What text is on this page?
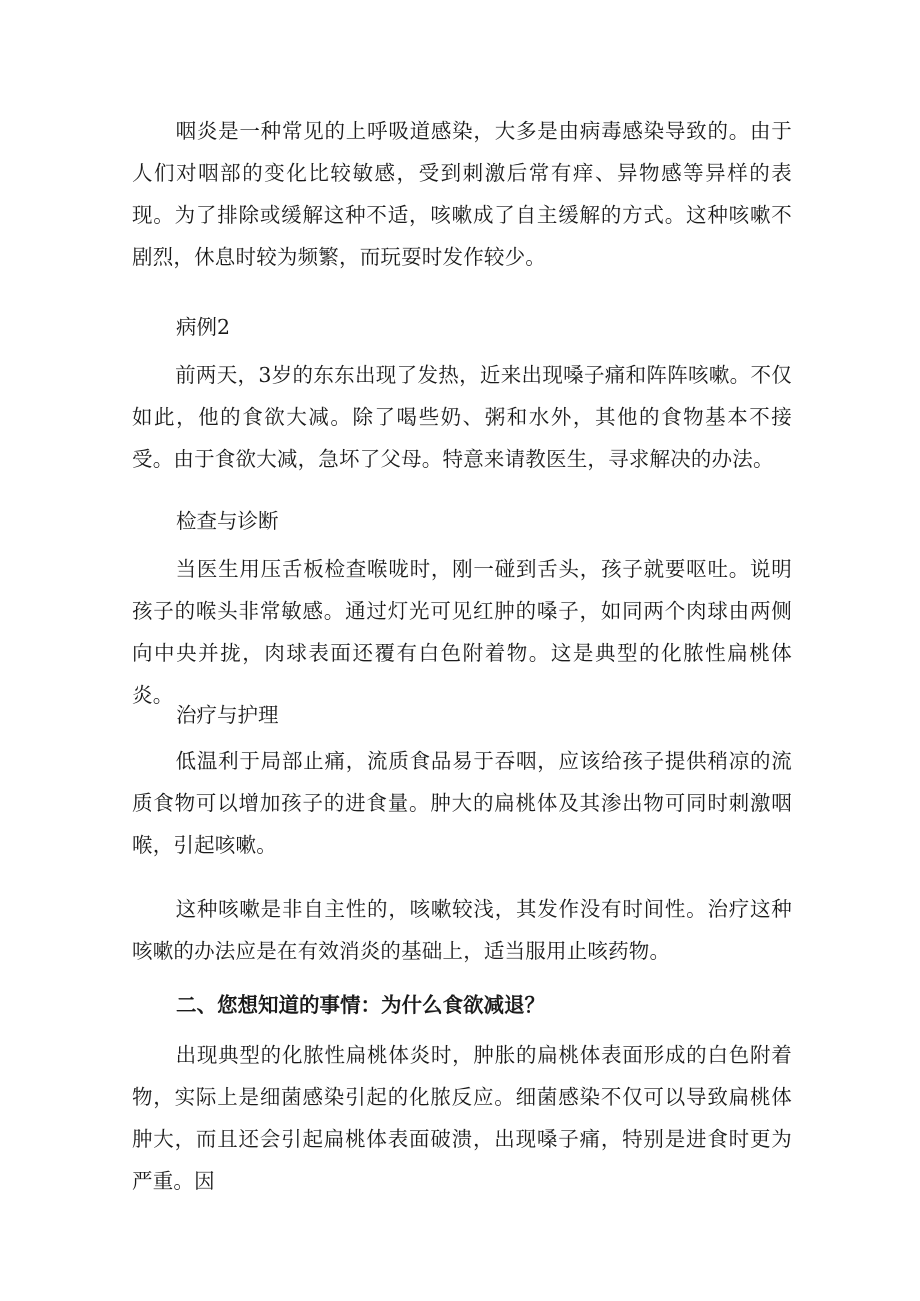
咽炎是一种常见的上呼吸道感染，大多是由病毒感染导致的。由于人们对咽部的变化比较敏感，受到刺激后常有痒、异物感等异样的表现。为了排除或缓解这种不适，咳嗽成了自主缓解的方式。这种咳嗽不剧烈，休息时较为频繁，而玩耍时发作较少。

病例2

前两天，3岁的东东出现了发热，近来出现嗓子痛和阵阵咳嗽。不仅如此，他的食欲大减。除了喝些奶、粥和水外，其他的食物基本不接受。由于食欲大减，急坏了父母。特意来请教医生，寻求解决的办法。

检查与诊断

当医生用压舌板检查喉咙时，刚一碰到舌头，孩子就要呕吐。说明孩子的喉头非常敏感。通过灯光可见红肿的嗓子，如同两个肉球由两侧向中央并拢，肉球表面还覆有白色附着物。这是典型的化脓性扁桃体炎。

治疗与护理

低温利于局部止痛，流质食品易于吞咽，应该给孩子提供稍凉的流质食物可以增加孩子的进食量。肿大的扁桃体及其渗出物可同时刺激咽喉，引起咳嗽。

这种咳嗽是非自主性的，咳嗽较浅，其发作没有时间性。治疗这种咳嗽的办法应是在有效消炎的基础上，适当服用止咳药物。

二、您想知道的事情：为什么食欲减退？

出现典型的化脓性扁桃体炎时，肿胀的扁桃体表面形成的白色附着物，实际上是细菌感染引起的化脓反应。细菌感染不仅可以导致扁桃体肿大，而且还会引起扁桃体表面破溃，出现嗓子痛，特别是进食时更为严重。因
